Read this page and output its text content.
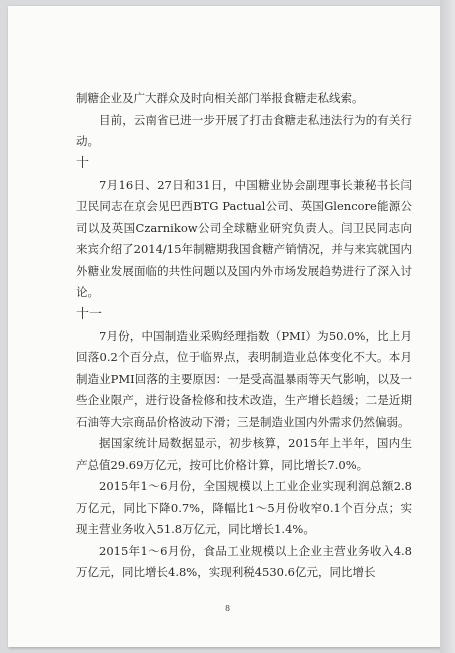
制糖企业及广大群众及时向相关部门举报食糖走私线索。

目前，云南省已进一步开展了打击食糖走私违法行为的有关行动。

十

7月16日、27日和31日，中国糖业协会副理事长兼秘书长闫卫民同志在京会见巴西BTG Pactual公司、英国Glencore能源公司以及英国Czarnikow公司全球糖业研究负责人。闫卫民同志向来宾介绍了2014/15年制糖期我国食糖产销情况，并与来宾就国内外糖业发展面临的共性问题以及国内外市场发展趋势进行了深入讨论。

十一

7月份，中国制造业采购经理指数（PMI）为50.0%，比上月回落0.2个百分点，位于临界点，表明制造业总体变化不大。本月制造业PMI回落的主要原因：一是受高温暴雨等天气影响，以及一些企业限产，进行设备检修和技术改造，生产增长趋缓；二是近期石油等大宗商品价格波动下滑；三是制造业国内外需求仍然偏弱。

据国家统计局数据显示，初步核算，2015年上半年，国内生产总值29.69万亿元，按可比价格计算，同比增长7.0%。

2015年1～6月份，全国规模以上工业企业实现利润总额2.8万亿元，同比下降0.7%，降幅比1～5月份收窄0.1个百分点；实现主营业务收入51.8万亿元，同比增长1.4%。

2015年1～6月份，食品工业规模以上企业主营业务收入4.8万亿元，同比增长4.8%，实现利税4530.6亿元，同比增长

8
